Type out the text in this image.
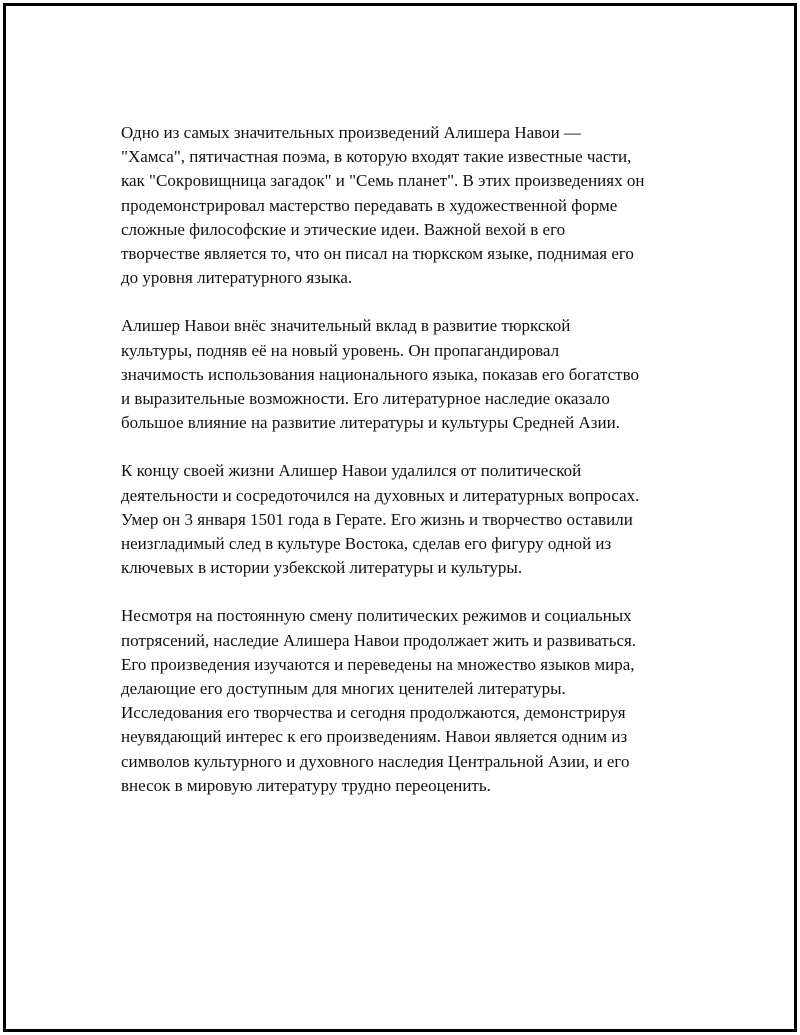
Одно из самых значительных произведений Алишера Навои —
"Хамса", пятичастная поэма, в которую входят такие известные части,
как "Сокровищница загадок" и "Семь планет". В этих произведениях он
продемонстрировал мастерство передавать в художественной форме
сложные философские и этические идеи. Важной вехой в его
творчестве является то, что он писал на тюркском языке, поднимая его
до уровня литературного языка.

Алишер Навои внёс значительный вклад в развитие тюркской
культуры, подняв её на новый уровень. Он пропагандировал
значимость использования национального языка, показав его богатство
и выразительные возможности. Его литературное наследие оказало
большое влияние на развитие литературы и культуры Средней Азии.

К концу своей жизни Алишер Навои удалился от политической
деятельности и сосредоточился на духовных и литературных вопросах.
Умер он 3 января 1501 года в Герате. Его жизнь и творчество оставили
неизгладимый след в культуре Востока, сделав его фигуру одной из
ключевых в истории узбекской литературы и культуры.

Несмотря на постоянную смену политических режимов и социальных
потрясений, наследие Алишера Навои продолжает жить и развиваться.
Его произведения изучаются и переведены на множество языков мира,
делающие его доступным для многих ценителей литературы.
Исследования его творчества и сегодня продолжаются, демонстрируя
неувядающий интерес к его произведениям. Навои является одним из
символов культурного и духовного наследия Центральной Азии, и его
внесок в мировую литературу трудно переоценить.
